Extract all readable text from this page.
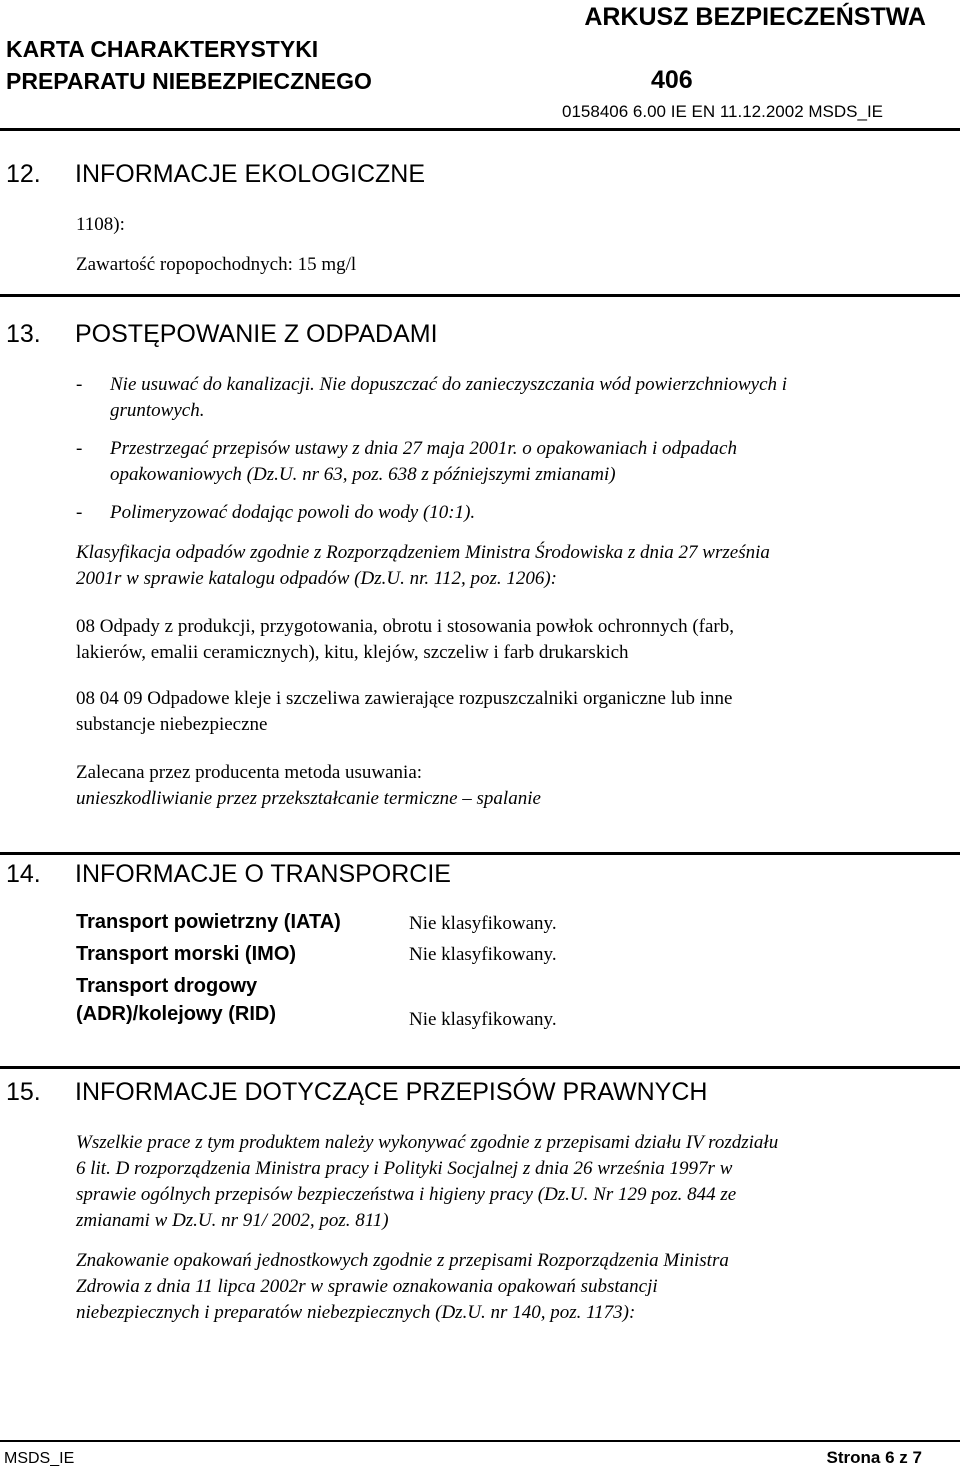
KARTA CHARAKTERYSTYKI
PREPARATU NIEBEZPIECZNEGO
ARKUSZ BEZPIECZEŃSTWA
406
0158406 6.00 IE EN 11.12.2002 MSDS_IE
12. INFORMACJE EKOLOGICZNE
1108):
Zawartość ropopochodnych: 15 mg/l
13. POSTĘPOWANIE Z ODPADAMI
- Nie usuwać do kanalizacji. Nie dopuszczać do zanieczyszczania wód powierzchniowych i
gruntowych.
- Przestrzegać przepisów ustawy z dnia 27 maja 2001r. o opakowaniach i odpadach
opakowaniowych (Dz.U. nr 63, poz. 638 z późniejszymi zmianami)
- Polimeryzować dodając powoli do wody (10:1).
Klasyfikacja odpadów zgodnie z Rozporządzeniem Ministra Środowiska z dnia 27 września
2001r w sprawie katalogu odpadów (Dz.U. nr. 112, poz. 1206):
08 Odpady z produkcji, przygotowania, obrotu i stosowania powłok ochronnych (farb,
lakierów, emalii ceramicznych), kitu, klejów, szczeliw i farb drukarskich
08 04 09 Odpadowe kleje i szczeliwa zawierające rozpuszczalniki organiczne lub inne
substancje niebezpieczne
Zalecana przez producenta metoda usuwania:
unieszkodliwianie przez przekształcanie termiczne – spalanie
14. INFORMACJE O TRANSPORCIE
Transport powietrzny (IATA)	Nie klasyfikowany.
Transport morski (IMO)	Nie klasyfikowany.
Transport drogowy
(ADR)/kolejowy (RID)	Nie klasyfikowany.
15. INFORMACJE DOTYCZĄCE PRZEPISÓW PRAWNYCH
Wszelkie prace z tym produktem należy wykonywać zgodnie z przepisami działu IV rozdziału
6 lit. D rozporządzenia Ministra pracy i Polityki Socjalnej z dnia 26 września 1997r w
sprawie ogólnych przepisów bezpieczeństwa i higieny pracy (Dz.U. Nr 129 poz. 844 ze
zmianami w Dz.U. nr 91/ 2002, poz. 811)
Znakowanie opakowań jednostkowych zgodnie z przepisami Rozporządzenia Ministra
Zdrowia z dnia 11 lipca 2002r w sprawie oznakowania opakowań substancji
niebezpiecznych i preparatów niebezpiecznych (Dz.U. nr 140, poz. 1173):
MSDS_IE	Strona 6 z 7
